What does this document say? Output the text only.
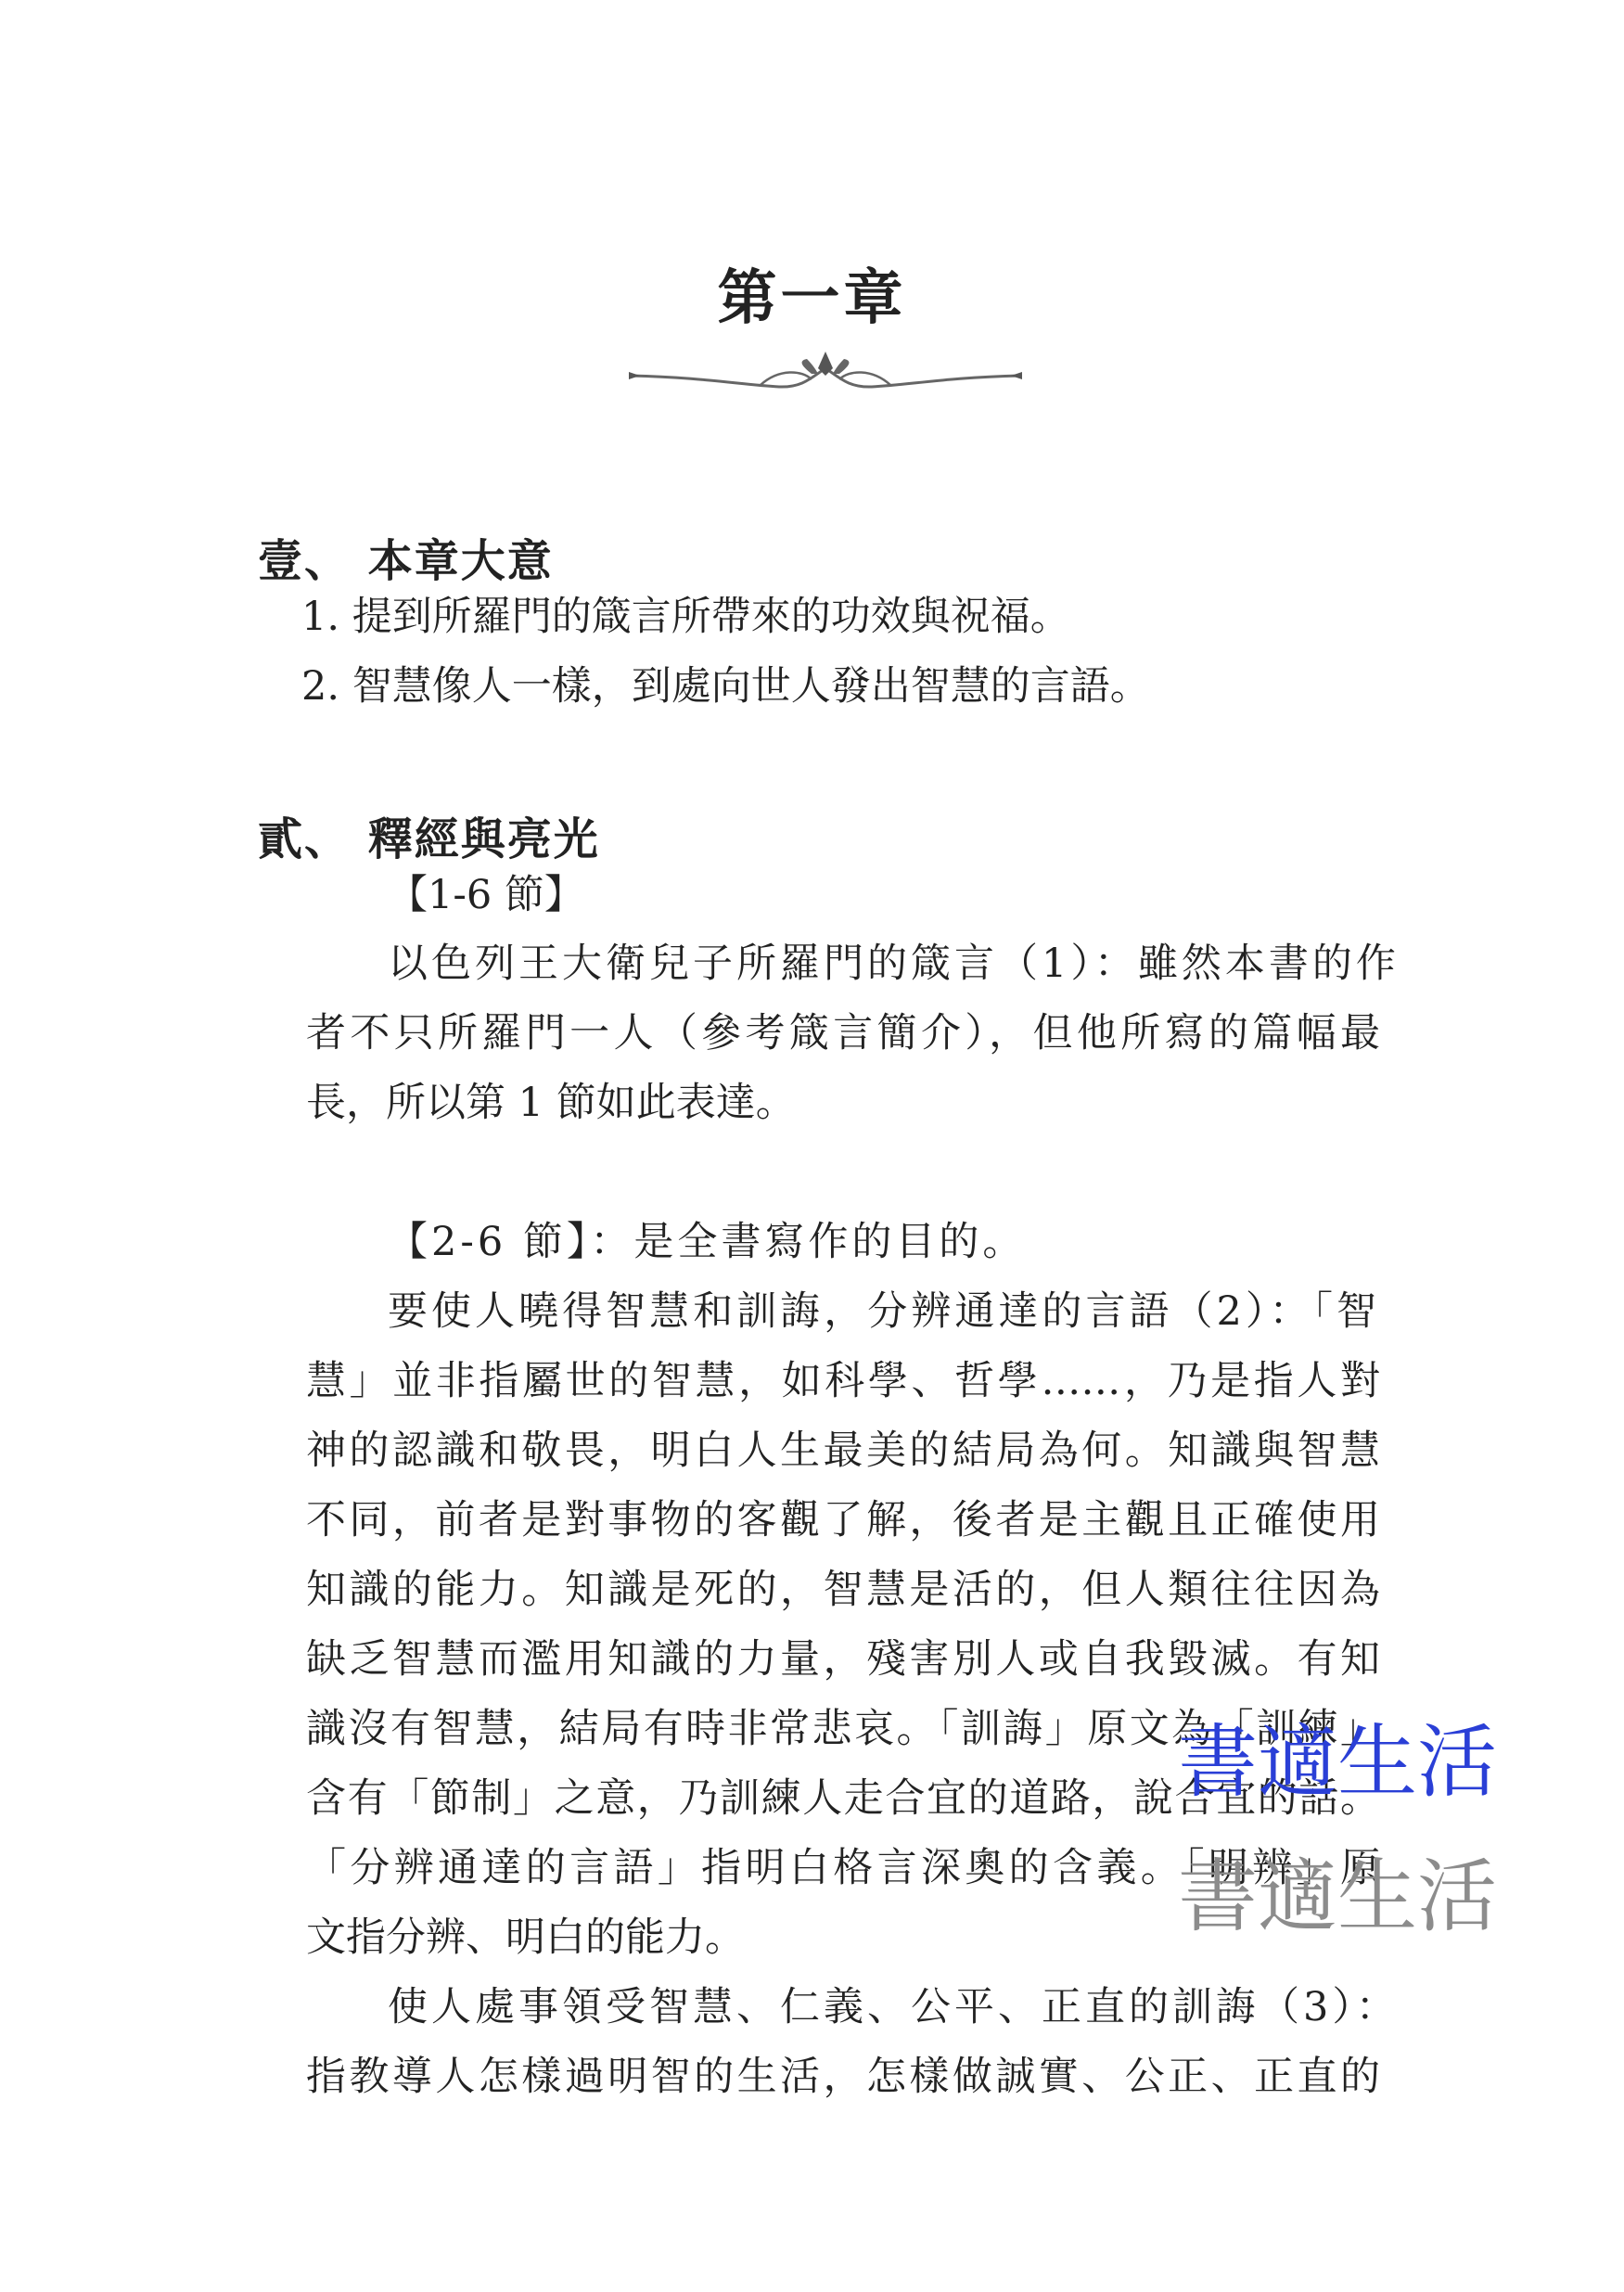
第一章
壹、 本章大意
1. 提到所羅門的箴言所帶來的功效與祝福。
2. 智慧像人一樣，到處向世人發出智慧的言語。
貳、 釋經與亮光
【1-6 節】
以色列王大衛兒子所羅門的箴言（1）：雖然本書的作
者不只所羅門一人（參考箴言簡介），但他所寫的篇幅最
長，所以第 1 節如此表達。
【2-6 節】：是全書寫作的目的。
要使人曉得智慧和訓誨，分辨通達的言語（2）：「智
慧」並非指屬世的智慧，如科學、哲學……，乃是指人對
神的認識和敬畏，明白人生最美的結局為何。知識與智慧
不同，前者是對事物的客觀了解，後者是主觀且正確使用
知識的能力。知識是死的，智慧是活的，但人類往往因為
缺乏智慧而濫用知識的力量，殘害別人或自我毀滅。有知
識沒有智慧，結局有時非常悲哀。「訓誨」原文為「訓練」
含有「節制」之意，乃訓練人走合宜的道路，說合宜的話。
「分辨通達的言語」指明白格言深奧的含義。「明辨」原
文指分辨、明白的能力。
使人處事領受智慧、仁義、公平、正直的訓誨（3）：
指教導人怎樣過明智的生活，怎樣做誠實、公正、正直的
書適生活
書適生活
